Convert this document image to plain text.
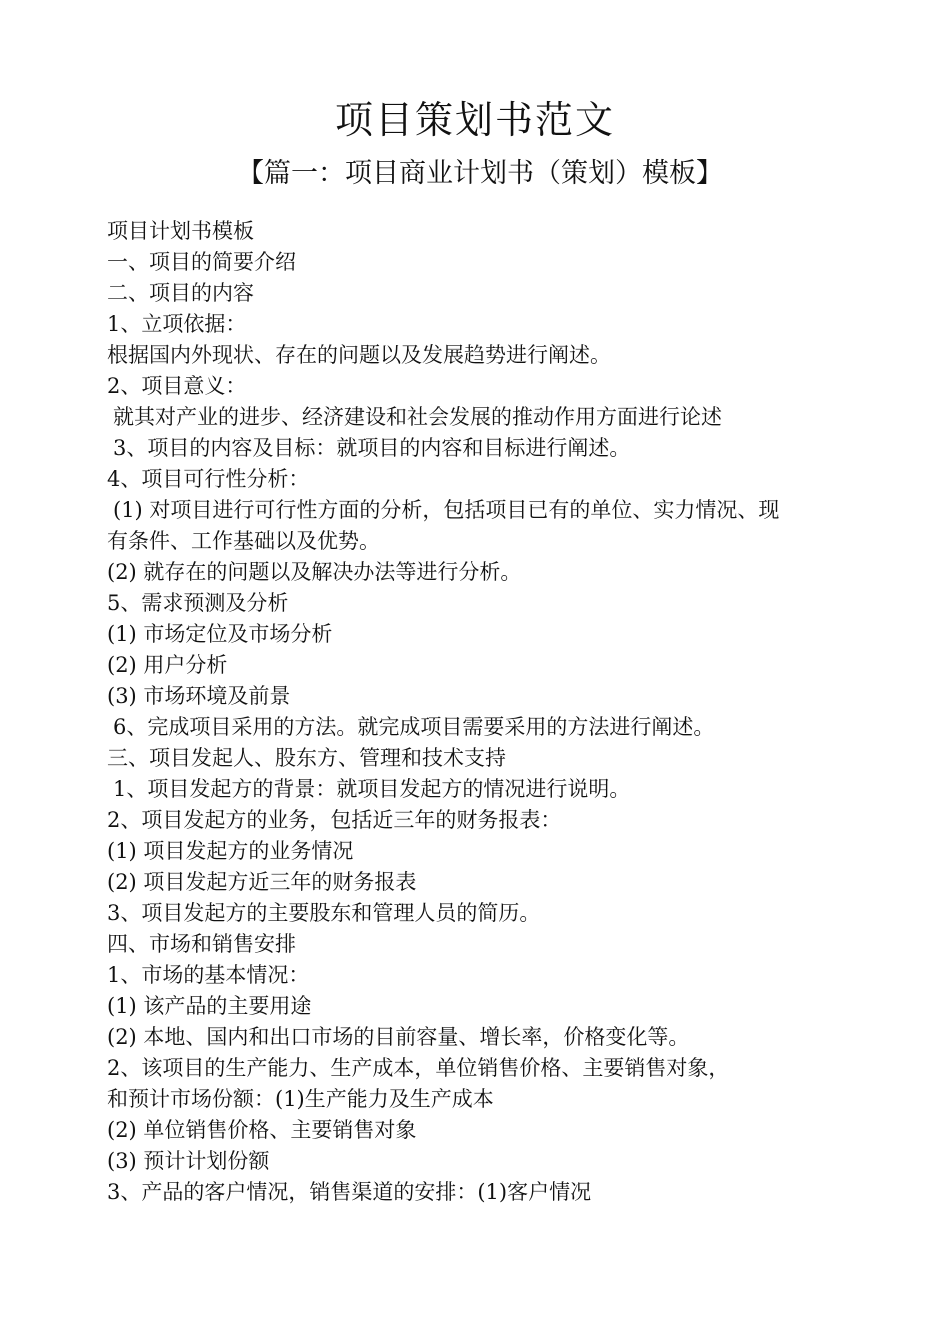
项目策划书范文
【篇一：项目商业计划书（策划）模板】
项目计划书模板
一、项目的简要介绍
二、项目的内容
1、立项依据：
根据国内外现状、存在的问题以及发展趋势进行阐述。
2、项目意义：
就其对产业的进步、经济建设和社会发展的推动作用方面进行论述
3、项目的内容及目标：就项目的内容和目标进行阐述。
4、项目可行性分析：
(1) 对项目进行可行性方面的分析，包括项目已有的单位、实力情况、现
有条件、工作基础以及优势。
(2) 就存在的问题以及解决办法等进行分析。
5、需求预测及分析
(1) 市场定位及市场分析
(2) 用户分析
(3) 市场环境及前景
6、完成项目采用的方法。就完成项目需要采用的方法进行阐述。
三、项目发起人、股东方、管理和技术支持
1、项目发起方的背景：就项目发起方的情况进行说明。
2、项目发起方的业务，包括近三年的财务报表：
(1) 项目发起方的业务情况
(2) 项目发起方近三年的财务报表
3、项目发起方的主要股东和管理人员的简历。
四、市场和销售安排
1、市场的基本情况：
(1) 该产品的主要用途
(2) 本地、国内和出口市场的目前容量、增长率，价格变化等。
2、该项目的生产能力、生产成本，单位销售价格、主要销售对象，
和预计市场份额：(1)生产能力及生产成本
(2) 单位销售价格、主要销售对象
(3) 预计计划份额
3、产品的客户情况，销售渠道的安排：(1)客户情况
